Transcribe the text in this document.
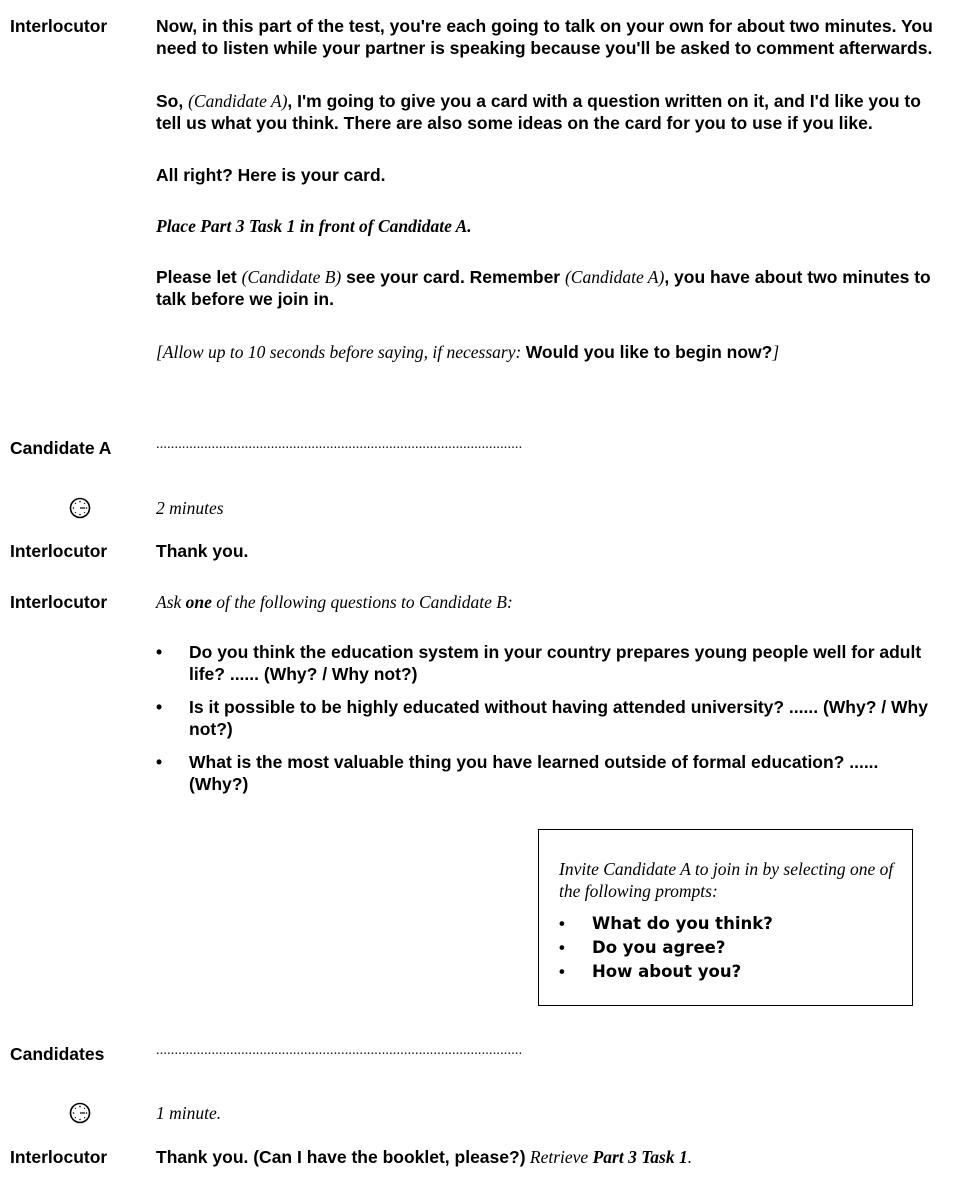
Interlocutor	Now, in this part of the test, you're each going to talk on your own for about two minutes. You need to listen while your partner is speaking because you'll be asked to comment afterwards.

So, (Candidate A), I'm going to give you a card with a question written on it, and I'd like you to tell us what you think. There are also some ideas on the card for you to use if you like.

All right? Here is your card.

Place Part 3 Task 1 in front of Candidate A.

Please let (Candidate B) see your card. Remember (Candidate A), you have about two minutes to talk before we join in.

[Allow up to 10 seconds before saying, if necessary: Would you like to begin now?]

Candidate A	...................................................................................................
2 minutes
Interlocutor	Thank you.
Interlocutor	Ask one of the following questions to Candidate B:
• Do you think the education system in your country prepares young people well for adult life? ...... (Why? / Why not?)
• Is it possible to be highly educated without having attended university? ...... (Why? / Why not?)
• What is the most valuable thing you have learned outside of formal education? ...... (Why?)
Invite Candidate A to join in by selecting one of the following prompts:
• What do you think?
• Do you agree?
• How about you?
Candidates	...................................................................................................
1 minute.
Interlocutor	Thank you. (Can I have the booklet, please?) Retrieve Part 3 Task 1.
